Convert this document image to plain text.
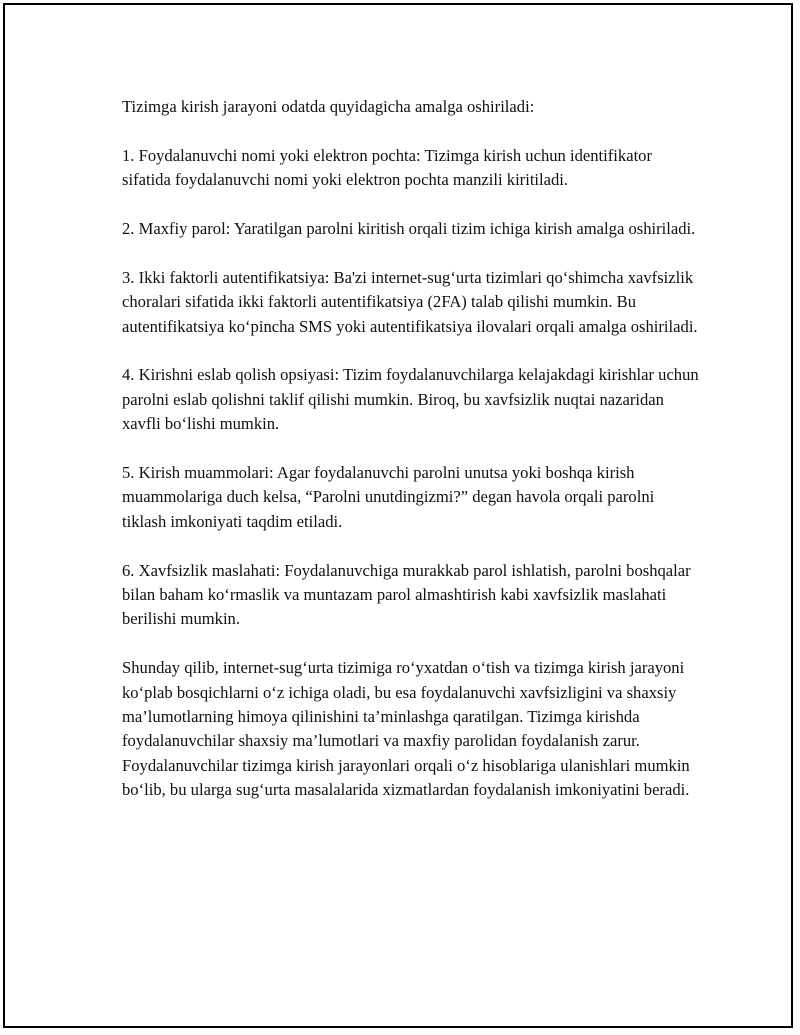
Tizimga kirish jarayoni odatda quyidagicha amalga oshiriladi:

1. Foydalanuvchi nomi yoki elektron pochta: Tizimga kirish uchun identifikator sifatida foydalanuvchi nomi yoki elektron pochta manzili kiritiladi.

2. Maxfiy parol: Yaratilgan parolni kiritish orqali tizim ichiga kirish amalga oshiriladi.

3. Ikki faktorli autentifikatsiya: Ba'zi internet-sug‘urta tizimlari qo‘shimcha xavfsizlik choralari sifatida ikki faktorli autentifikatsiya (2FA) talab qilishi mumkin. Bu autentifikatsiya ko‘pincha SMS yoki autentifikatsiya ilovalari orqali amalga oshiriladi.

4. Kirishni eslab qolish opsiyasi: Tizim foydalanuvchilarga kelajakdagi kirishlar uchun parolni eslab qolishni taklif qilishi mumkin. Biroq, bu xavfsizlik nuqtai nazaridan xavfli bo‘lishi mumkin.

5. Kirish muammolari: Agar foydalanuvchi parolni unutsa yoki boshqa kirish muammolariga duch kelsa, “Parolni unutdingizmi?” degan havola orqali parolni tiklash imkoniyati taqdim etiladi.

6. Xavfsizlik maslahati: Foydalanuvchiga murakkab parol ishlatish, parolni boshqalar bilan baham ko‘rmaslik va muntazam parol almashtirish kabi xavfsizlik maslahati berilishi mumkin.

Shunday qilib, internet-sug‘urta tizimiga ro‘yxatdan o‘tish va tizimga kirish jarayoni ko‘plab bosqichlarni o‘z ichiga oladi, bu esa foydalanuvchi xavfsizligini va shaxsiy ma’lumotlarning himoya qilinishini ta’minlashga qaratilgan. Tizimga kirishda foydalanuvchilar shaxsiy ma’lumotlari va maxfiy parolidan foydalanish zarur. Foydalanuvchilar tizimga kirish jarayonlari orqali o‘z hisoblariga ulanishlari mumkin bo‘lib, bu ularga sug‘urta masalalarida xizmatlardan foydalanish imkoniyatini beradi.
